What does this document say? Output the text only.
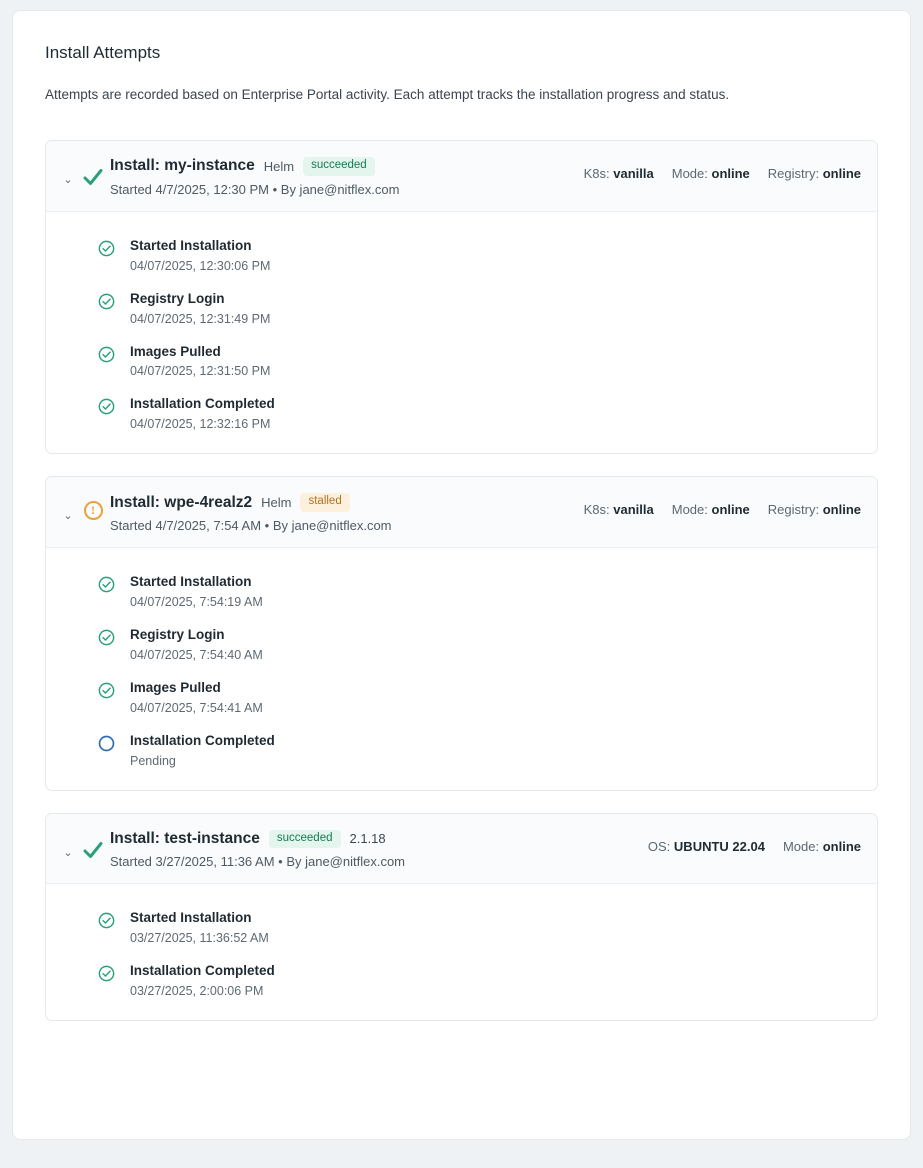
Install Attempts

Attempts are recorded based on Enterprise Portal activity. Each attempt tracks the installation progress and status.

⌄
Install: my-instance Helm	succeeded
Started 4/7/2025, 12:30 PM • By jane@nitflex.com
K8s: vanilla Mode: online Registry: online
Started Installation
04/07/2025, 12:30:06 PM
Registry Login
04/07/2025, 12:31:49 PM
Images Pulled
04/07/2025, 12:31:50 PM
Installation Completed
04/07/2025, 12:32:16 PM
⌄	! Install: wpe-4realz2 Helm	stalled
Started 4/7/2025, 7:54 AM • By jane@nitflex.com
K8s: vanilla Mode: online Registry: online
Started Installation
04/07/2025, 7:54:19 AM
Registry Login
04/07/2025, 7:54:40 AM
Images Pulled
04/07/2025, 7:54:41 AM
Installation Completed
Pending
⌄
Install: test-instance	succeeded	2.1.18
Started 3/27/2025, 11:36 AM • By jane@nitflex.com
OS: UBUNTU 22.04 Mode: online
Started Installation
03/27/2025, 11:36:52 AM
Installation Completed
03/27/2025, 2:00:06 PM
